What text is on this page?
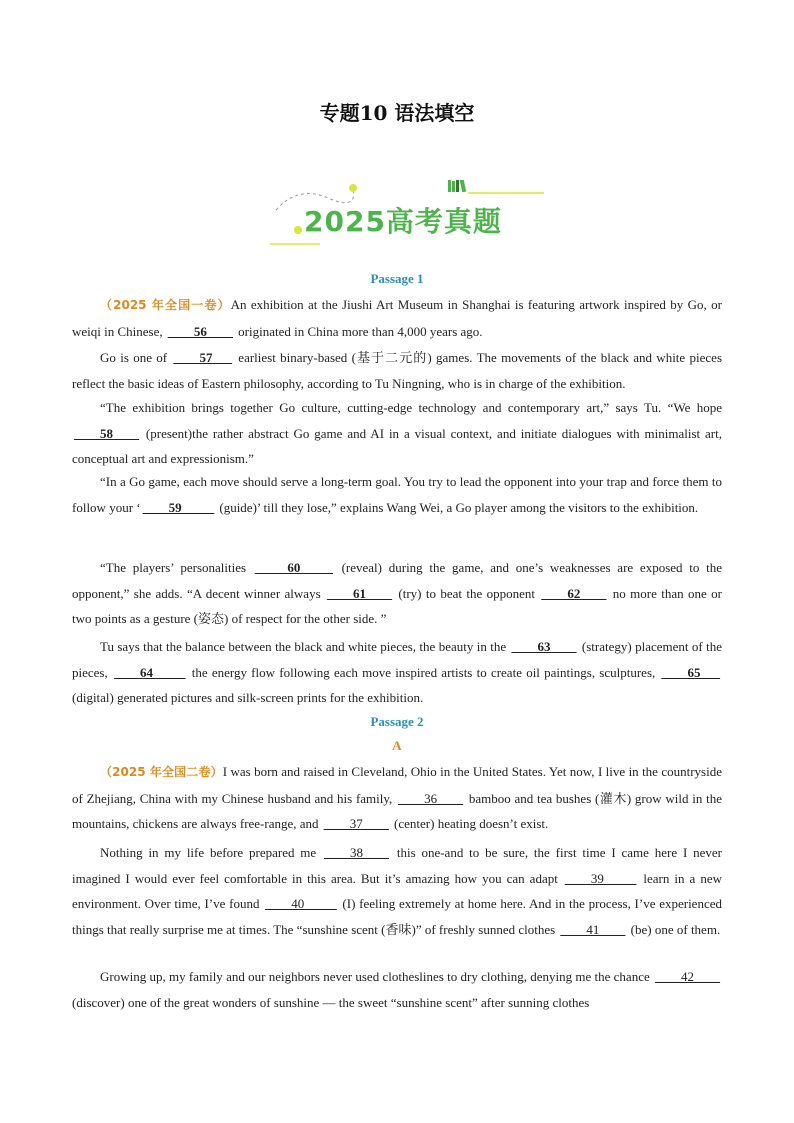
专题10 语法填空
2025高考真题
Passage 1
（2025 年全国一卷）An exhibition at the Jiushi Art Museum in Shanghai is featuring artwork inspired by Go, or weiqi in Chinese, ____56____ originated in China more than 4,000 years ago.
Go is one of ____57___ earliest binary-based (基于二元的) games. The movements of the black and white pieces reflect the basic ideas of Eastern philosophy, according to Tu Ningning, who is in charge of the exhibition.
“The exhibition brings together Go culture, cutting-edge technology and contemporary art,” says Tu. “We hope ____58____ (present)the rather abstract Go game and AI in a visual context, and initiate dialogues with minimalist art, conceptual art and expressionism.”
“In a Go game, each move should serve a long-term goal. You try to lead the opponent into your trap and force them to follow your ‘ ____59_____ (guide)’ till they lose,” explains Wang Wei, a Go player among the visitors to the exhibition.
“The players’ personalities _____60_____ (reveal) during the game, and one’s weaknesses are exposed to the opponent,” she adds. “A decent winner always ____61____ (try) to beat the opponent ____62____ no more than one or two points as a gesture (姿态) of respect for the other side. ”
Tu says that the balance between the black and white pieces, the beauty in the ____63____ (strategy) placement of the pieces, ____64_____ the energy flow following each move inspired artists to create oil paintings, sculptures, ____65___ (digital) generated pictures and silk-screen prints for the exhibition.
Passage 2
A
（2025 年全国二卷）I was born and raised in Cleveland, Ohio in the United States. Yet now, I live in the countryside of Zhejiang, China with my Chinese husband and his family, ____36____ bamboo and tea bushes (灌木) grow wild in the mountains, chickens are always free-range, and ____37____ (center) heating doesn’t exist.
Nothing in my life before prepared me ____38____ this one-and to be sure, the first time I came here I never imagined I would ever feel comfortable in this area. But it’s amazing how you can adapt ____39_____ learn in a new environment. Over time, I’ve found ____40_____ (I) feeling extremely at home here. And in the process, I’ve experienced things that really surprise me at times. The “sunshine scent (香味)” of freshly sunned clothes ____41____ (be) one of them.
Growing up, my family and our neighbors never used clotheslines to dry clothing, denying me the chance ____42____ (discover) one of the great wonders of sunshine — the sweet “sunshine scent” after sunning clothes
